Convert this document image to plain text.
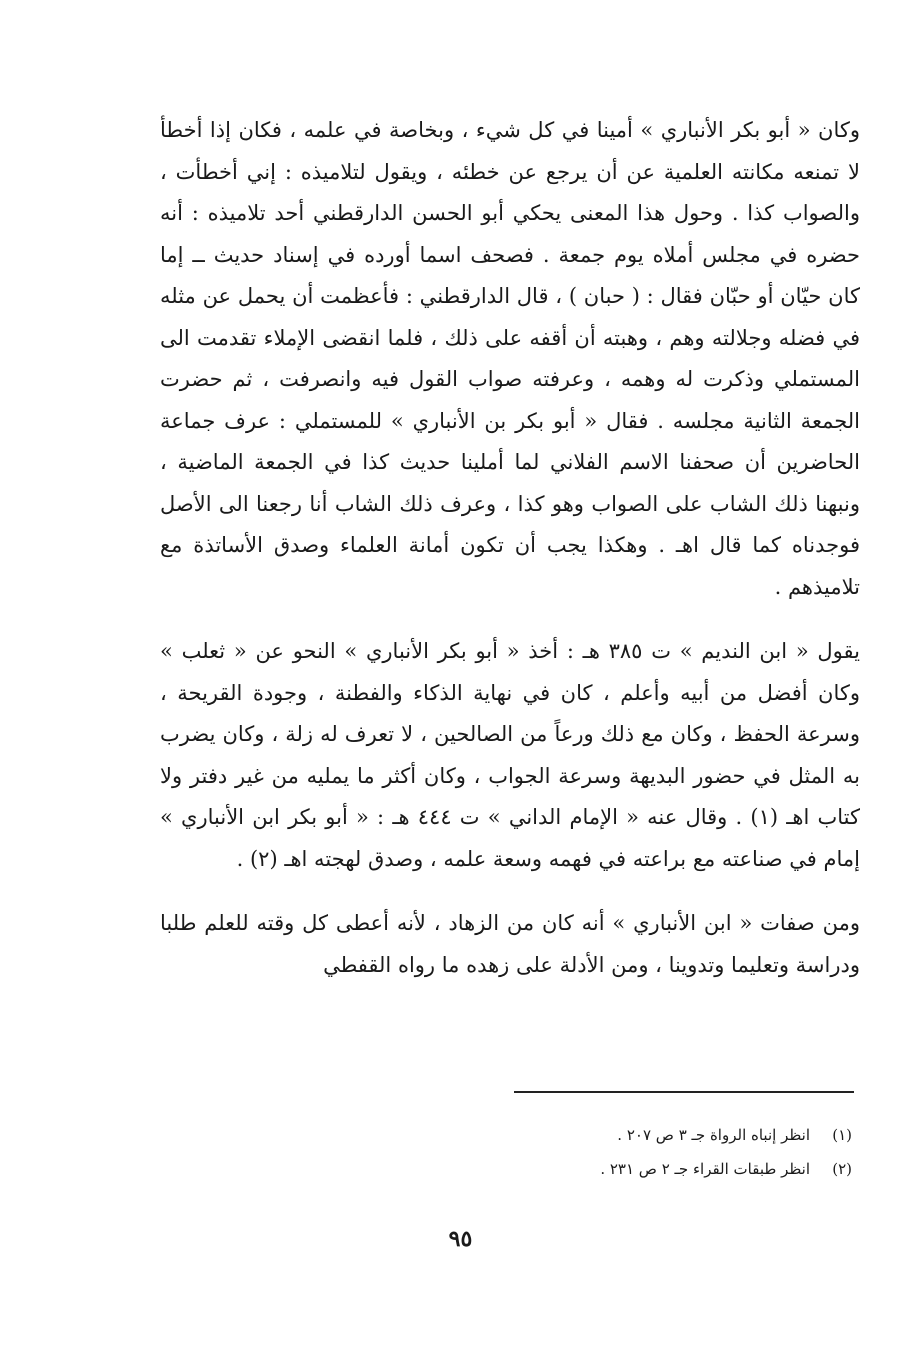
وكان « أبو بكر الأنباري » أمينا في كل شيء ، وبخاصة في علمه ، فكان إذا أخطأ لا تمنعه مكانته العلمية عن أن يرجع عن خطئه ، ويقول لتلاميذه : إني أخطأت ، والصواب كذا . وحول هذا المعنى يحكي أبو الحسن الدارقطني أحد تلاميذه : أنه حضره في مجلس أملاه يوم جمعة . فصحف اسما أورده في إسناد حديث ــ إما كان حيّان أو حبّان فقال : ( حبان ) ، قال الدارقطني : فأعظمت أن يحمل عن مثله في فضله وجلالته وهم ، وهبته أن أقفه على ذلك ، فلما انقضى الإملاء تقدمت الى المستملي وذكرت له وهمه ، وعرفته صواب القول فيه وانصرفت ، ثم حضرت الجمعة الثانية مجلسه . فقال « أبو بكر بن الأنباري » للمستملي : عرف جماعة الحاضرين أن صحفنا الاسم الفلاني لما أملينا حديث كذا في الجمعة الماضية ، ونبهنا ذلك الشاب على الصواب وهو كذا ، وعرف ذلك الشاب أنا رجعنا الى الأصل فوجدناه كما قال اهـ . وهكذا يجب أن تكون أمانة العلماء وصدق الأساتذة مع تلاميذهم .

يقول « ابن النديم » ت ٣٨٥ هـ : أخذ « أبو بكر الأنباري » النحو عن « ثعلب » وكان أفضل من أبيه وأعلم ، كان في نهاية الذكاء والفطنة ، وجودة القريحة ، وسرعة الحفظ ، وكان مع ذلك ورعاً من الصالحين ، لا تعرف له زلة ، وكان يضرب به المثل في حضور البديهة وسرعة الجواب ، وكان أكثر ما يمليه من غير دفتر ولا كتاب اهـ (١) . وقال عنه « الإمام الداني » ت ٤٤٤ هـ : « أبو بكر ابن الأنباري » إمام في صناعته مع براعته في فهمه وسعة علمه ، وصدق لهجته اهـ (٢) .

ومن صفات « ابن الأنباري » أنه كان من الزهاد ، لأنه أعطى كل وقته للعلم طلبا ودراسة وتعليما وتدوينا ، ومن الأدلة على زهده ما رواه القفطي

(١)
انظر إنباه الرواة جـ ٣ ص ٢٠٧ .
(٢)
انظر طبقات القراء جـ ٢ ص ٢٣١ .
٩٥
